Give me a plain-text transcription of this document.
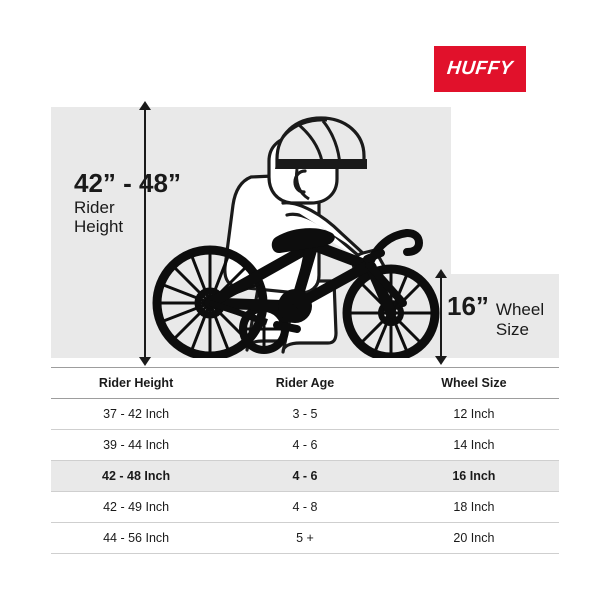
HUFFY
42” - 48”
Rider
Height
16” Wheel
Size
Rider Height	Rider Age	Wheel Size
37 - 42 Inch	3 - 5	12 Inch
39 - 44 Inch	4 - 6	14 Inch
42 - 48 Inch	4 - 6	16 Inch
42 - 49 Inch	4 - 8	18 Inch
44 - 56 Inch	5 +	20 Inch
